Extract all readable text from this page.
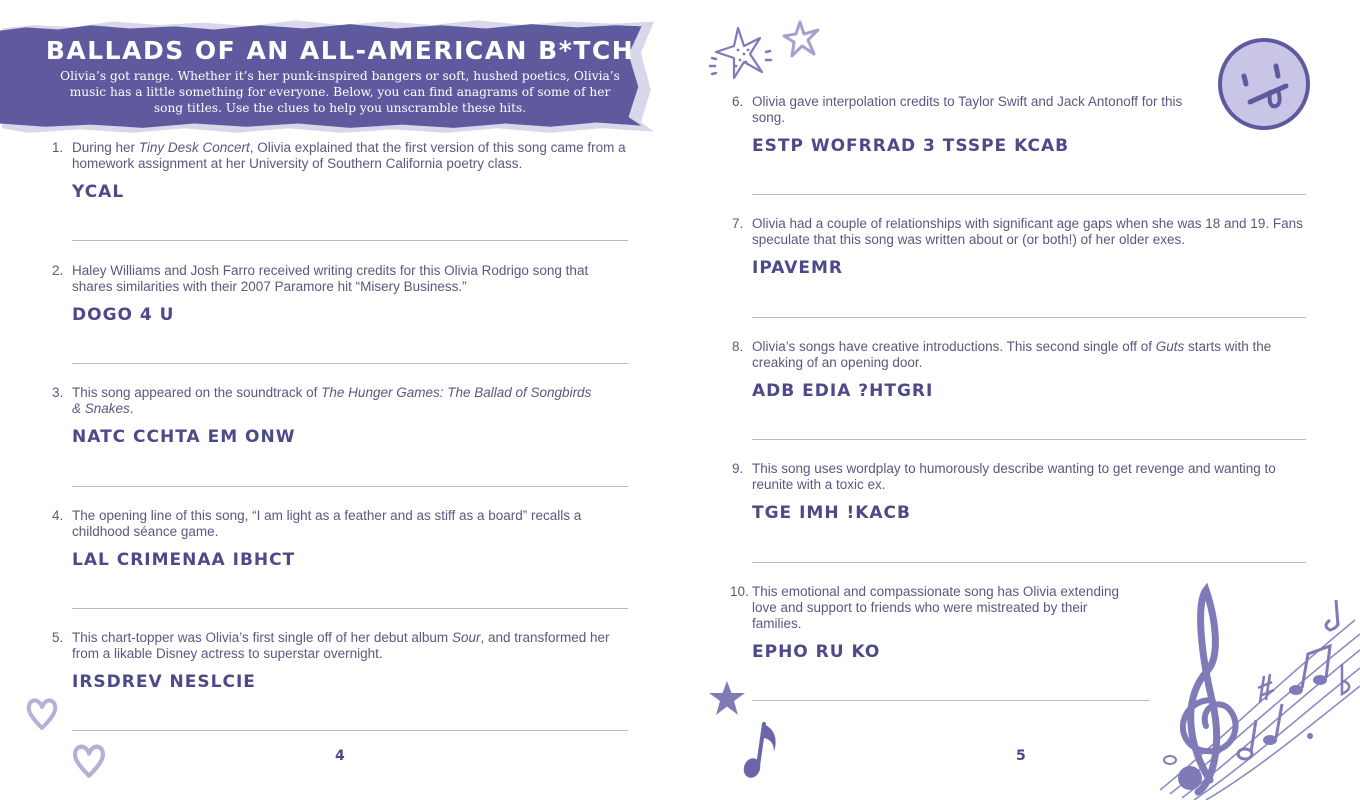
BALLADS OF AN ALL-AMERICAN B*TCH

Olivia’s got range. Whether it’s her punk-inspired bangers or soft, hushed poetics, Olivia’s music has a little something for everyone. Below, you can find anagrams of some of her song titles. Use the clues to help you unscramble these hits.

1. During her Tiny Desk Concert, Olivia explained that the first version of this song came from a homework assignment at her University of Southern California poetry class.

YCAL
2. Haley Williams and Josh Farro received writing credits for this Olivia Rodrigo song that shares similarities with their 2007 Paramore hit “Misery Business.”

DOGO 4 U
3. This song appeared on the soundtrack of The Hunger Games: The Ballad of Songbirds & Snakes.

NATC CCHTA EM ONW
4. The opening line of this song, “I am light as a feather and as stiff as a board” recalls a childhood séance game.

LAL CRIMENAA IBHCT
5. This chart-topper was Olivia’s first single off of her debut album Sour, and transformed her from a likable Disney actress to superstar overnight.

IRSDREV NESLCIE
4
6. Olivia gave interpolation credits to Taylor Swift and Jack Antonoff for this song.

ESTP WOFRRAD 3 TSSPE KCAB
7. Olivia had a couple of relationships with significant age gaps when she was 18 and 19. Fans speculate that this song was written about or (or both!) of her older exes.

IPAVEMR
8. Olivia’s songs have creative introductions. This second single off of Guts starts with the creaking of an opening door.

ADB EDIA ?HTGRI
9. This song uses wordplay to humorously describe wanting to get revenge and wanting to reunite with a toxic ex.

TGE IMH !KACB
10. This emotional and compassionate song has Olivia extending love and support to friends who were mistreated by their families.

EPHO RU KO
5
